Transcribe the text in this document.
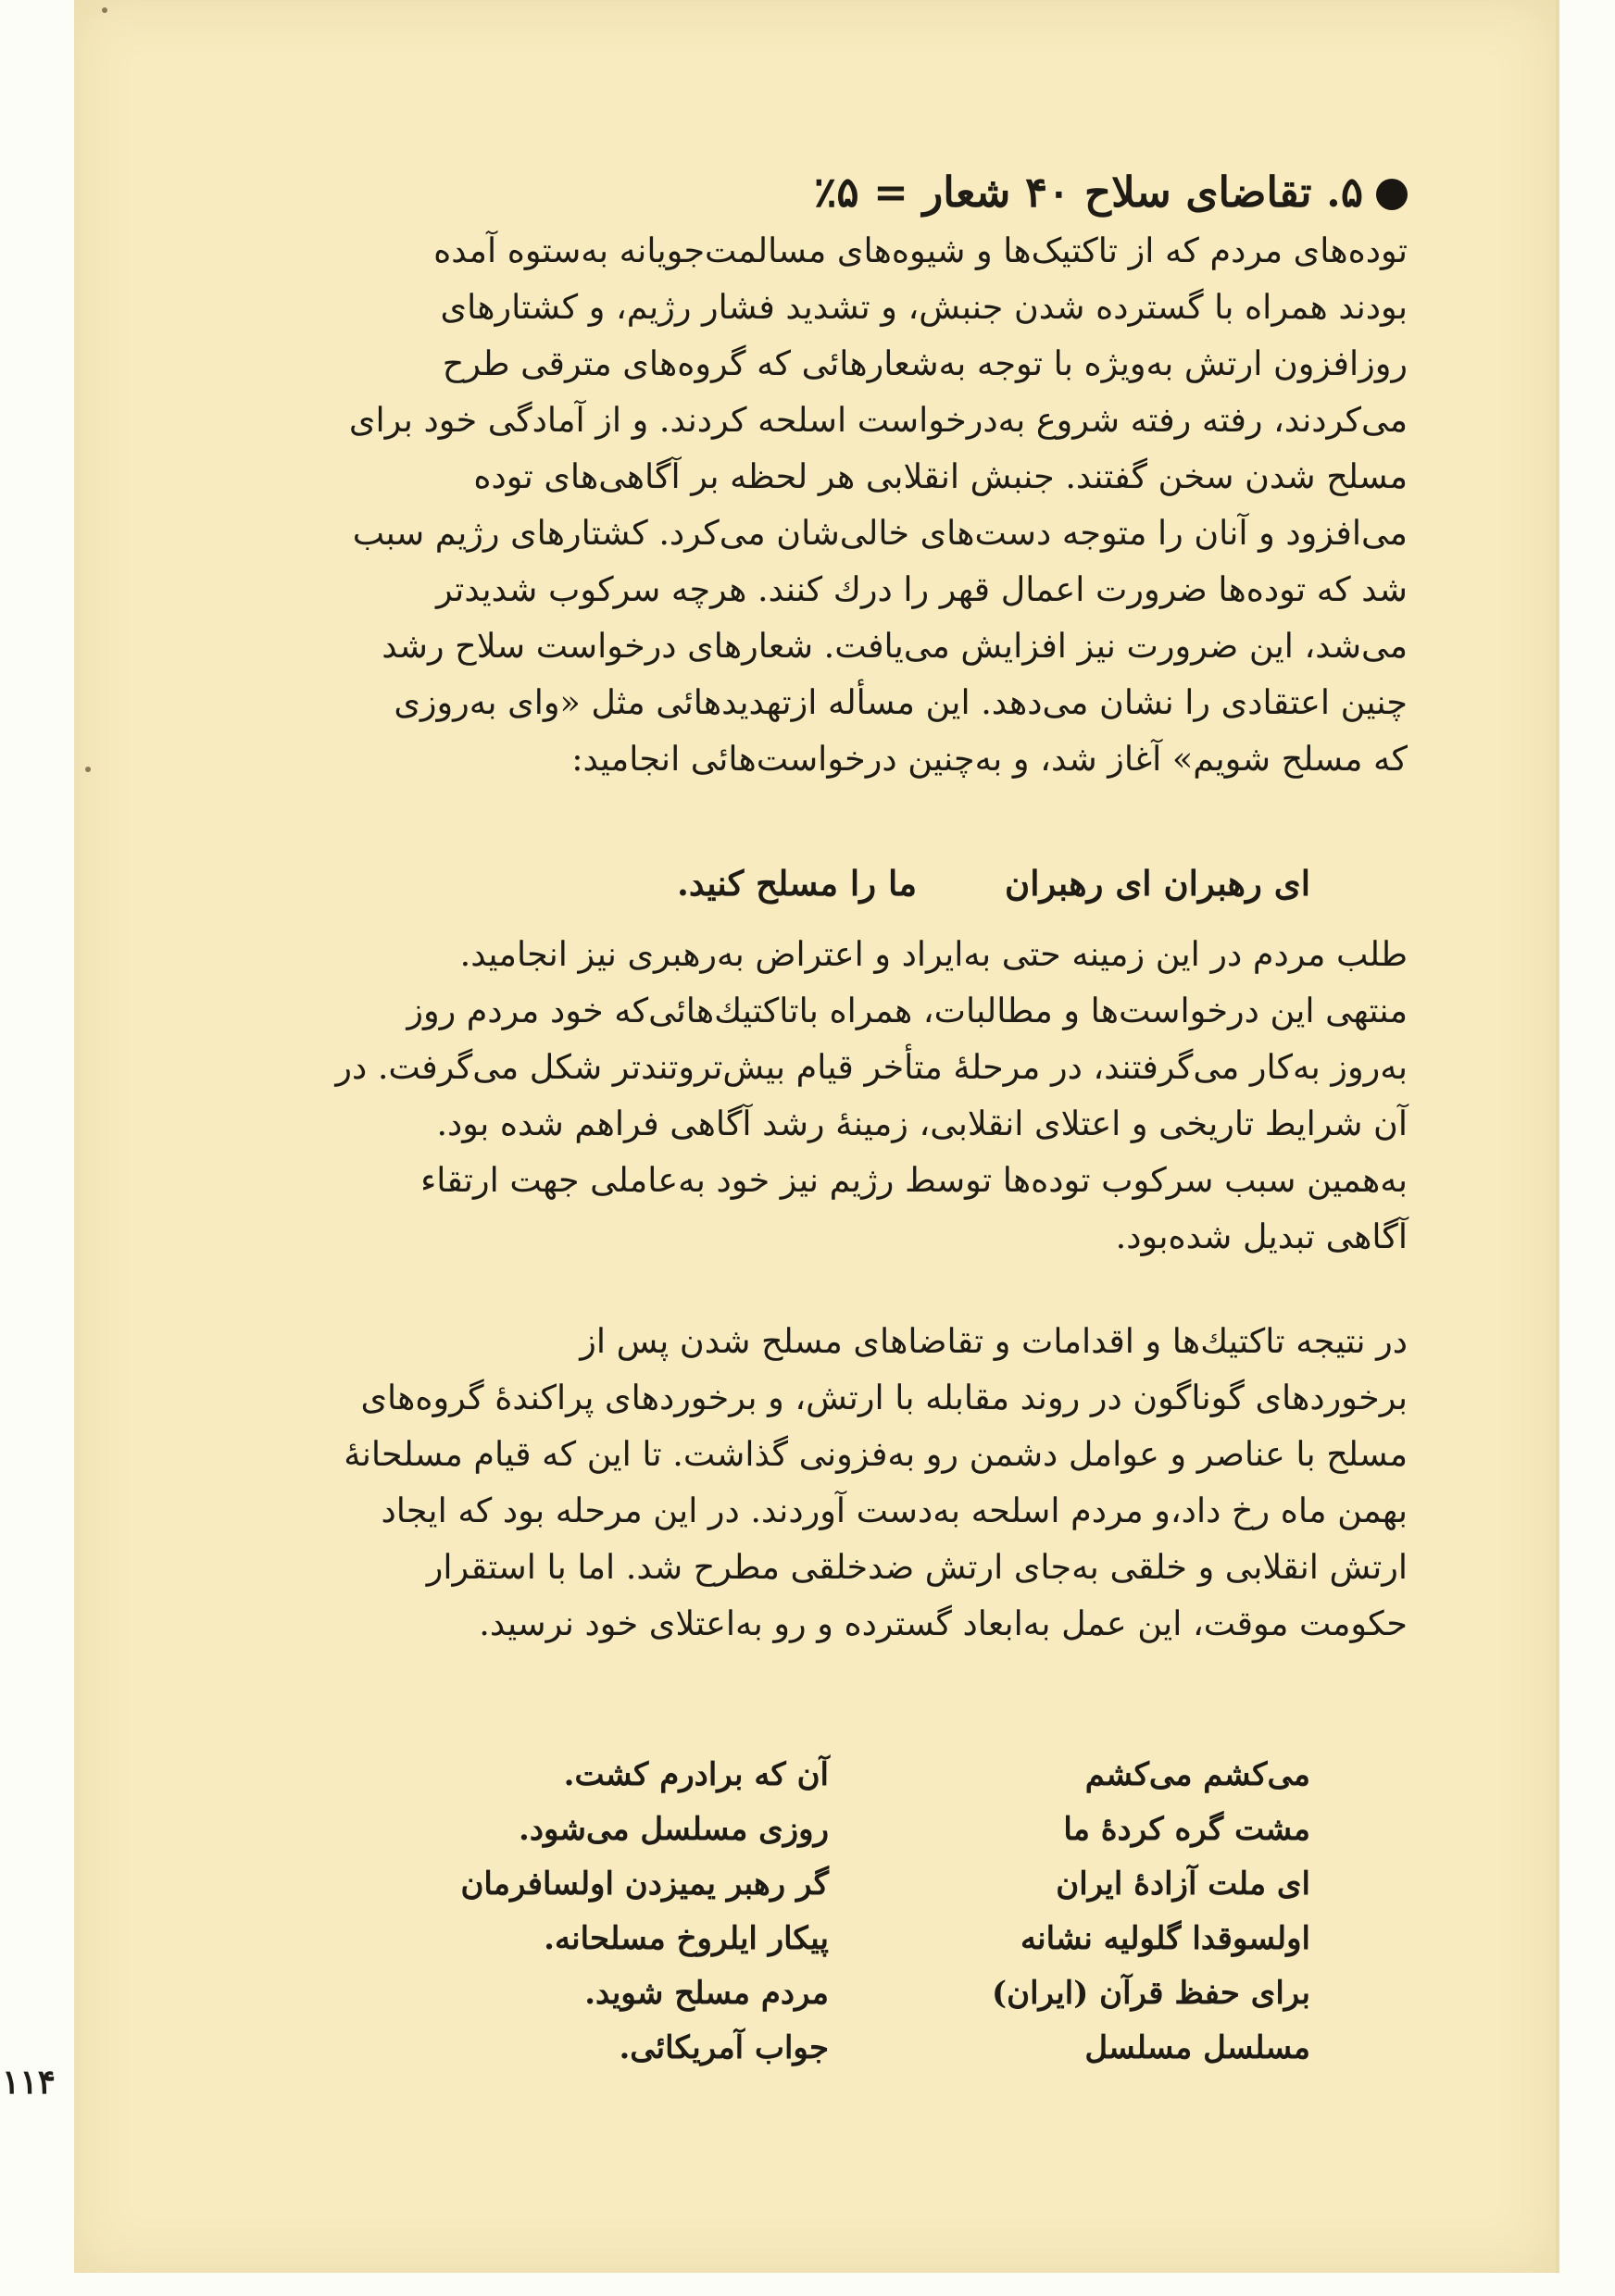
۵. تقاضای سلاح ۴۰ شعار = ۵٪
توده‌های مردم که از تاکتیک‌ها و شیوه‌های مسالمت‌جویانه به‌ستوه آمده
بودند همراه با گسترده شدن جنبش، و تشدید فشار رژیم، و کشتارهای
روزافزون ارتش به‌ویژه با توجه به‌شعارهائی که گروه‌های مترقی طرح
می‌کردند، رفته رفته شروع به‌درخواست اسلحه کردند. و از آمادگی خود برای
مسلح شدن سخن گفتند. جنبش انقلابی هر لحظه بر آگاهی‌های توده
می‌افزود و آنان را متوجه دست‌های خالی‌شان می‌کرد. کشتارهای رژیم سبب
شد که توده‌ها ضرورت اعمال قهر را درك کنند. هرچه سرکوب شدیدتر
می‌شد، این ضرورت نیز افزایش می‌یافت. شعارهای درخواست سلاح رشد
چنین اعتقادی را نشان می‌دهد. این مسأله ازتهدیدهائی مثل «وای به‌روزی
که مسلح شویم» آغاز شد، و به‌چنین درخواست‌هائی انجامید:
ای رهبران ای رهبرانما را مسلح کنید.
طلب مردم در این زمینه حتی به‌ایراد و اعتراض به‌رهبری نیز انجامید.
منتهی این درخواست‌ها و مطالبات، همراه باتاکتیك‌هائی‌که خود مردم روز
به‌روز به‌کار می‌گرفتند، در مرحلهٔ متأخر قیام بیش‌تروتندتر شکل می‌گرفت. در
آن شرایط تاریخی و اعتلای انقلابی، زمینهٔ رشد آگاهی فراهم شده بود.
به‌همین سبب سرکوب توده‌ها توسط رژیم نیز خود به‌عاملی جهت ارتقاء
آگاهی تبدیل شده‌بود.
در نتیجه تاکتیك‌ها و اقدامات و تقاضاهای مسلح شدن پس از
برخوردهای گوناگون در روند مقابله با ارتش، و برخوردهای پراکندهٔ گروه‌های
مسلح با عناصر و عوامل دشمن رو به‌فزونی گذاشت. تا این که قیام مسلحانهٔ
بهمن ماه رخ داد،و مردم اسلحه به‌دست آوردند. در این مرحله بود که ایجاد
ارتش انقلابی و خلقی به‌جای ارتش ضدخلقی مطرح شد. اما با استقرار
حکومت موقت، این عمل به‌ابعاد گسترده و رو به‌اعتلای خود نرسید.
می‌کشم می‌کشم
مشت گره کردهٔ ما
ای ملت آزادهٔ ایران
اولسوقدا گلولیه نشانه
برای حفظ قرآن (ایران)
مسلسل مسلسل
آن که برادرم کشت.
روزی مسلسل می‌شود.
گر رهبر یمیزدن اولسافرمان
پیکار ایلروخ مسلحانه.
مردم مسلح شوید.
جواب آمریکائی.
۱۱۴
